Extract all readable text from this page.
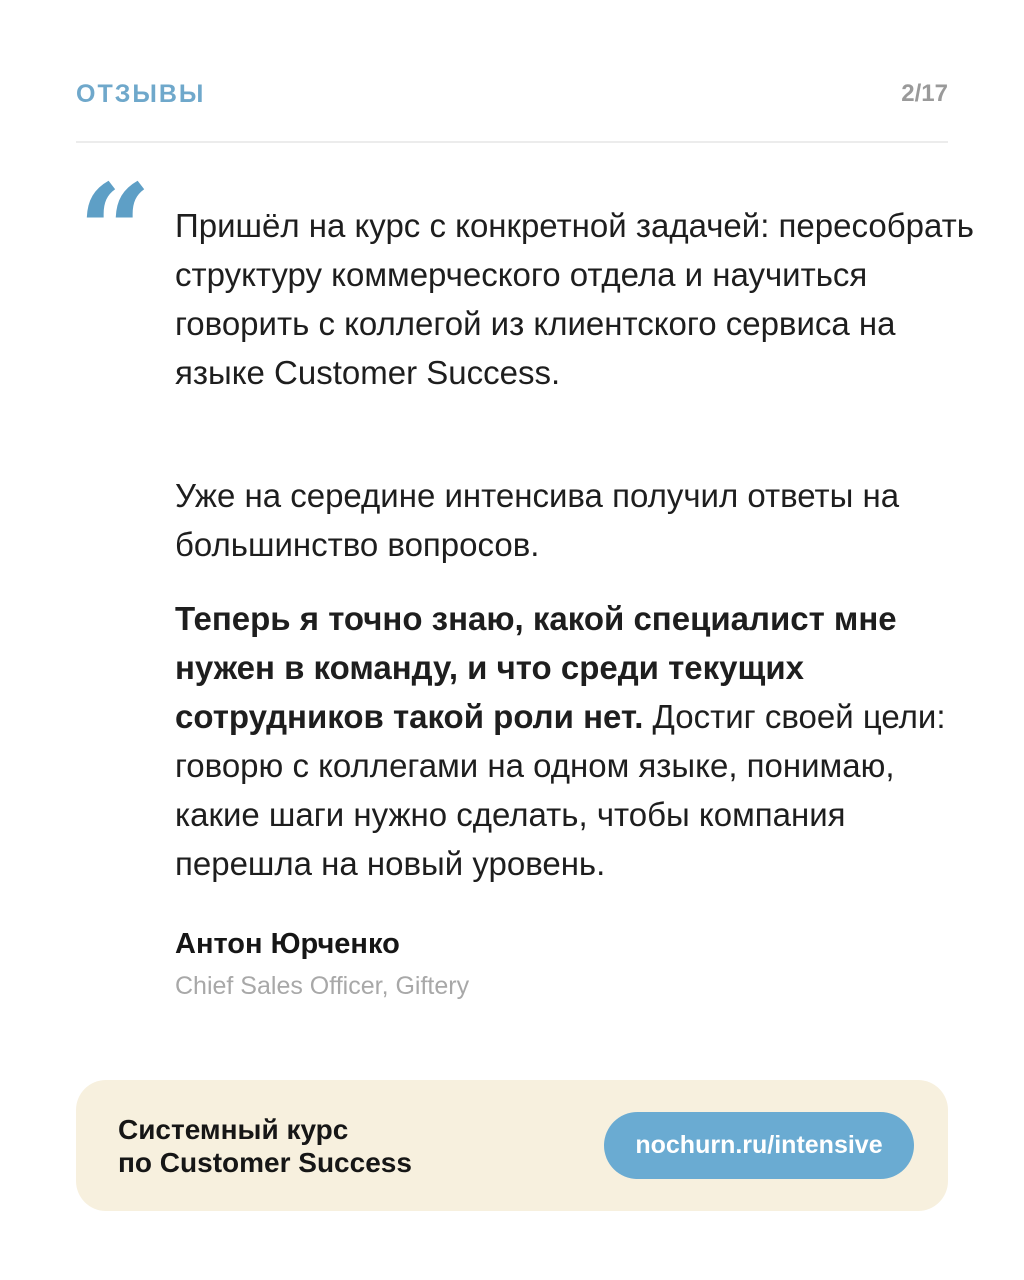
ОТЗЫВЫ	2/17
“ Пришёл на курс с конкретной задачей: пересобрать структуру коммерческого отдела и научиться говорить с коллегой из клиентского сервиса на языке Customer Success.

Уже на середине интенсива получил ответы на большинство вопросов.

Теперь я точно знаю, какой специалист мне нужен в команду, и что среди текущих сотрудников такой роли нет. Достиг своей цели: говорю с коллегами на одном языке, понимаю, какие шаги нужно сделать, чтобы компания перешла на новый уровень.

Антон Юрченко
Chief Sales Officer, Giftery
Системный курс
по Customer Success
nochurn.ru/intensive
